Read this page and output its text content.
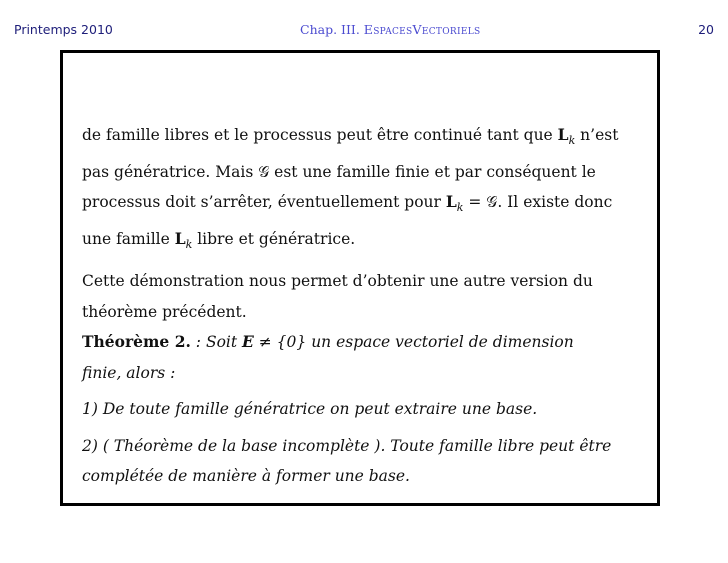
Printemps 2010	Chap. III. EspacesVectoriels	20

de famille libres et le processus peut être continué tant que $L_k$ n’est
pas génératrice. Mais 𝒢 est une famille finie et par conséquent le
processus doit s’arrêter, éventuellement pour $L_k$ = 𝒢. Il existe donc
une famille $L_k$ libre et génératrice.

Cette démonstration nous permet d’obtenir une autre version du
théorème précédent.

Théorème 2. : Soit E ≠ {0} un espace vectoriel de dimension
finie, alors :

1) De toute famille génératrice on peut extraire une base.

2) ( Théorème de la base incomplète ). Toute famille libre peut être
complétée de manière à former une base.
